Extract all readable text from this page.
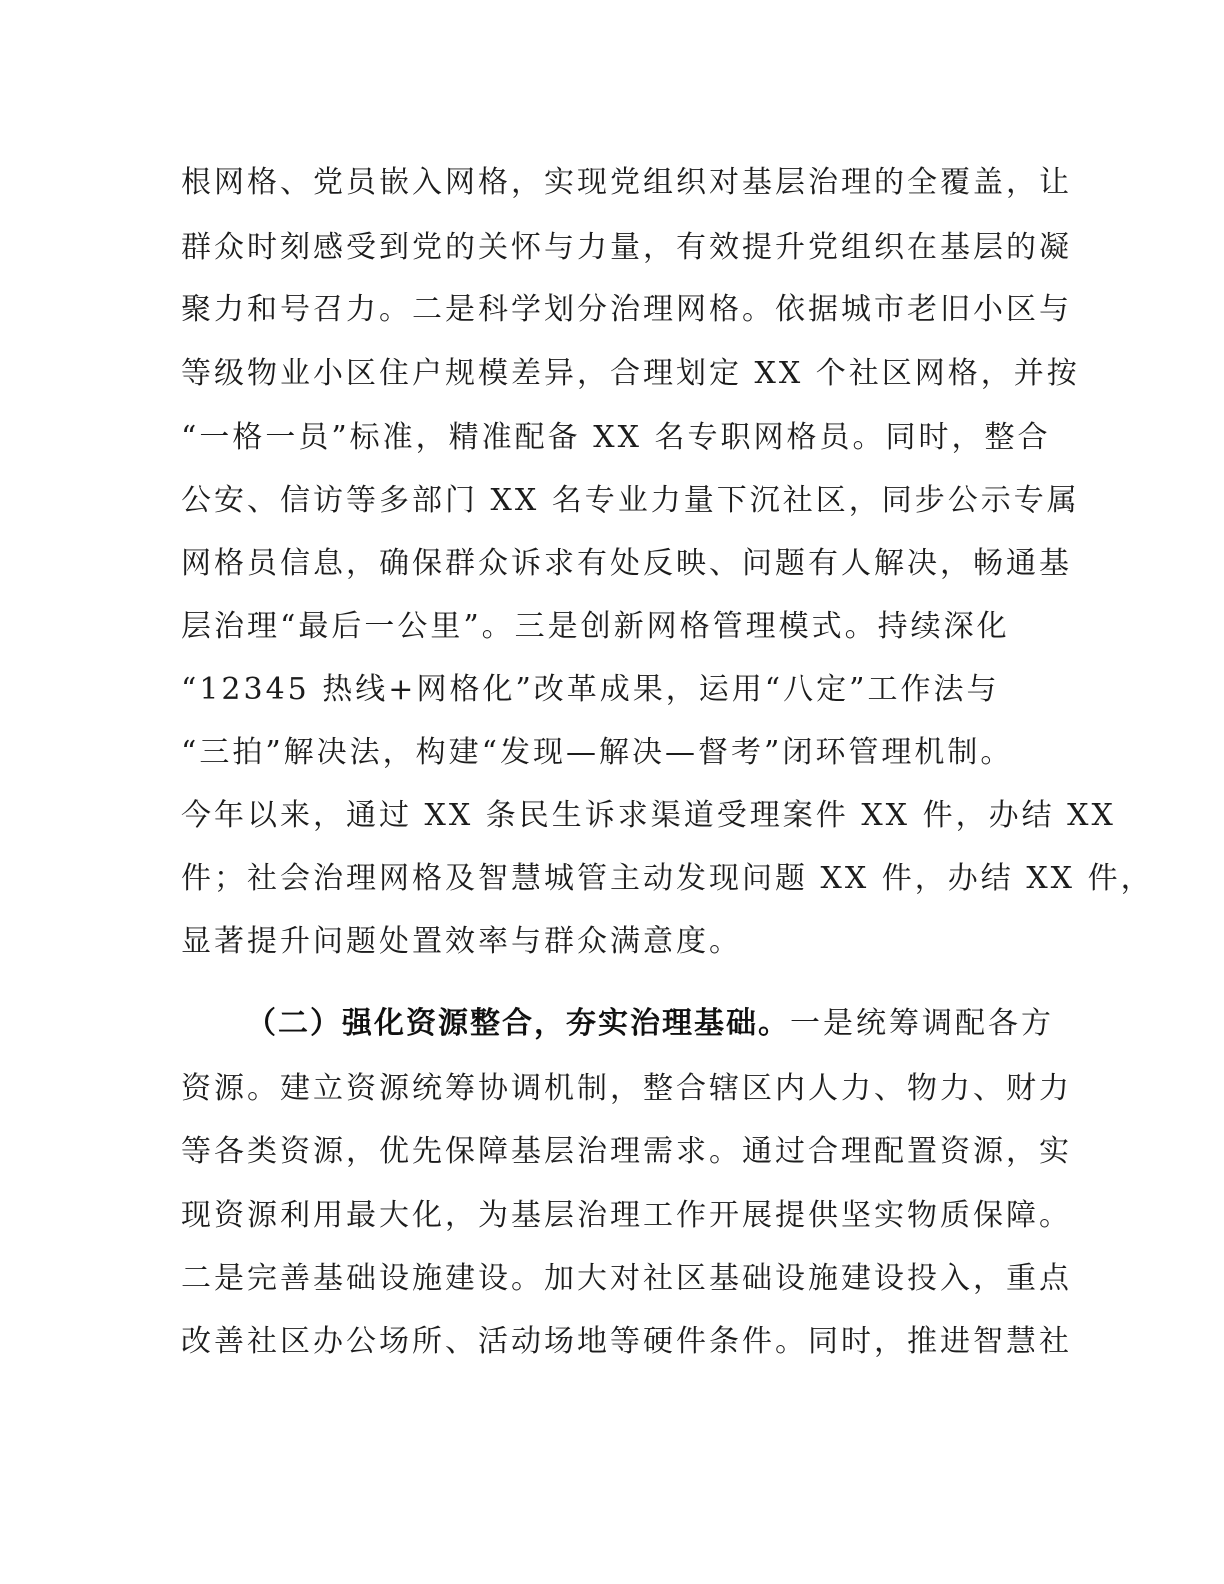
根网格、党员嵌入网格，实现党组织对基层治理的全覆盖，让

群众时刻感受到党的关怀与力量，有效提升党组织在基层的凝

聚力和号召力。二是科学划分治理网格。依据城市老旧小区与

等级物业小区住户规模差异，合理划定 XX 个社区网格，并按

“一格一员”标准，精准配备 XX 名专职网格员。同时，整合

公安、信访等多部门 XX 名专业力量下沉社区，同步公示专属

网格员信息，确保群众诉求有处反映、问题有人解决，畅通基

层治理“最后一公里”。三是创新网格管理模式。持续深化

“12345 热线+网格化”改革成果，运用“八定”工作法与

“三拍”解决法，构建“发现—解决—督考”闭环管理机制。

今年以来，通过 XX 条民生诉求渠道受理案件 XX 件，办结 XX

件；社会治理网格及智慧城管主动发现问题 XX 件，办结 XX 件，

显著提升问题处置效率与群众满意度。

（二）强化资源整合，夯实治理基础。一是统筹调配各方

资源。建立资源统筹协调机制，整合辖区内人力、物力、财力

等各类资源，优先保障基层治理需求。通过合理配置资源，实

现资源利用最大化，为基层治理工作开展提供坚实物质保障。

二是完善基础设施建设。加大对社区基础设施建设投入，重点

改善社区办公场所、活动场地等硬件条件。同时，推进智慧社
